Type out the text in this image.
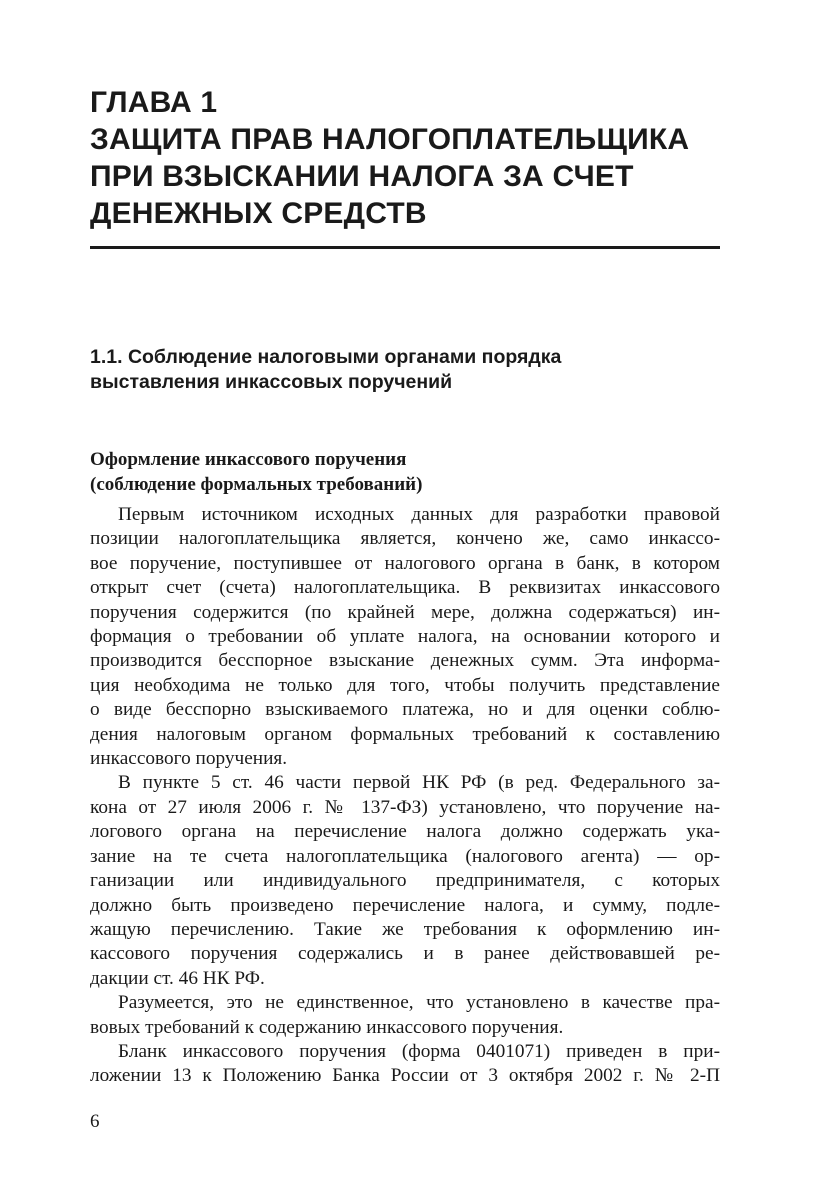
ГЛАВА 1
ЗАЩИТА ПРАВ НАЛОГОПЛАТЕЛЬЩИКА
ПРИ ВЗЫСКАНИИ НАЛОГА ЗА СЧЕТ
ДЕНЕЖНЫХ СРЕДСТВ
1.1. Соблюдение налоговыми органами порядка
выставления инкассовых поручений
Оформление инкассового поручения
(соблюдение формальных требований)

Первым источником исходных данных для разработки правовой
позиции налогоплательщика является, кончено же, само инкассо-
вое поручение, поступившее от налогового органа в банк, в котором
открыт счет (счета) налогоплательщика. В реквизитах инкассового
поручения содержится (по крайней мере, должна содержаться) ин-
формация о требовании об уплате налога, на основании которого и
производится бесспорное взыскание денежных сумм. Эта информа-
ция необходима не только для того, чтобы получить представление
о виде бесспорно взыскиваемого платежа, но и для оценки соблю-
дения налоговым органом формальных требований к составлению
инкассового поручения.

В пункте 5 ст. 46 части первой НК РФ (в ред. Федерального за-
кона от 27 июля 2006 г. № 137-ФЗ) установлено, что поручение на-
логового органа на перечисление налога должно содержать ука-
зание на те счета налогоплательщика (налогового агента) — ор-
ганизации или индивидуального предпринимателя, с которых
должно быть произведено перечисление налога, и сумму, подле-
жащую перечислению. Такие же требования к оформлению ин-
кассового поручения содержались и в ранее действовавшей ре-
дакции ст. 46 НК РФ.

Разумеется, это не единственное, что установлено в качестве пра-
вовых требований к содержанию инкассового поручения.

Бланк инкассового поручения (форма 0401071) приведен в при-
ложении 13 к Положению Банка России от 3 октября 2002 г. № 2-П

6
